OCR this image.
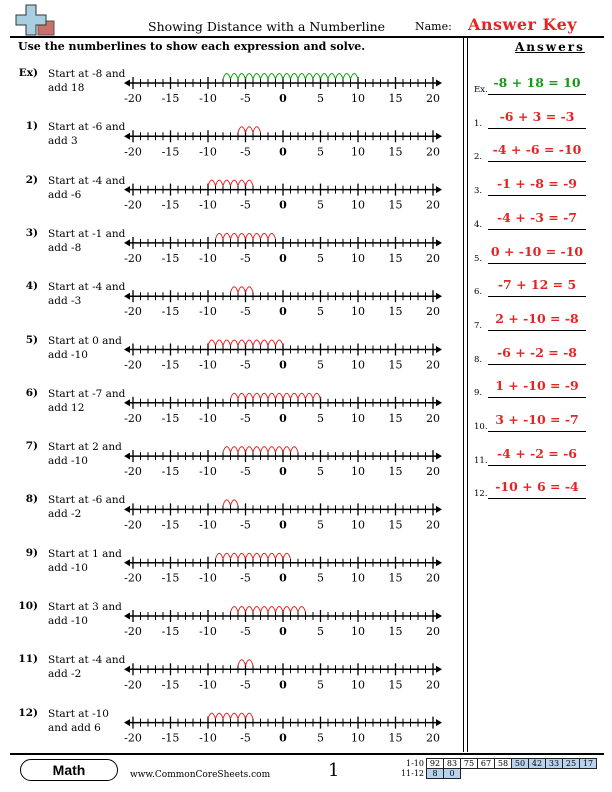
Showing Distance with a Numberline	Name: Answer Key
Use the numberlines to show each expression and solve.	Answers
Ex) Start at -8 and
add 18
1) Start at -6 and
add 3
2) Start at -4 and
add -6
3) Start at -1 and
add -8
4) Start at -4 and
add -3
5) Start at 0 and
add -10
6) Start at -7 and
add 12
7) Start at 2 and
add -10
8) Start at -6 and
add -2
9) Start at 1 and
add -10
10) Start at 3 and
add -10
11) Start at -4 and
add -2
12) Start at -10
and add 6
-20 -15 -10 -5	0	5 10 15 20
-20 -15 -10 -5	0	5 10 15 20
-20 -15 -10 -5	0	5 10 15 20
-20 -15 -10 -5	0	5 10 15 20
-20 -15 -10 -5	0	5 10 15 20
-20 -15 -10 -5	0	5 10 15 20
-20 -15 -10 -5	0	5 10 15 20
-20 -15 -10 -5	0	5 10 15 20
-20 -15 -10 -5	0	5 10 15 20
-20 -15 -10 -5	0	5 10 15 20
-20 -15 -10 -5	0	5 10 15 20
-20 -15 -10 -5	0	5 10 15 20
-20 -15 -10 -5	0	5 10 15 20
Ex. -8 + 18 = 10
1.	-6 + 3 = -3
2. -4 + -6 = -10
3.	-1 + -8 = -9
4.	-4 + -3 = -7
5. 0 + -10 = -10
6.	-7 + 12 = 5
7.	2 + -10 = -8
8.	-6 + -2 = -8
9.	1 + -10 = -9
10. 3 + -10 = -7
11. -4 + -2 = -6
12. -10 + 6 = -4
Math	www.CommonCoreSheets.com	1	1-10	92	83	75	67	58	50	42	33	25	17
11-12	8	0								
